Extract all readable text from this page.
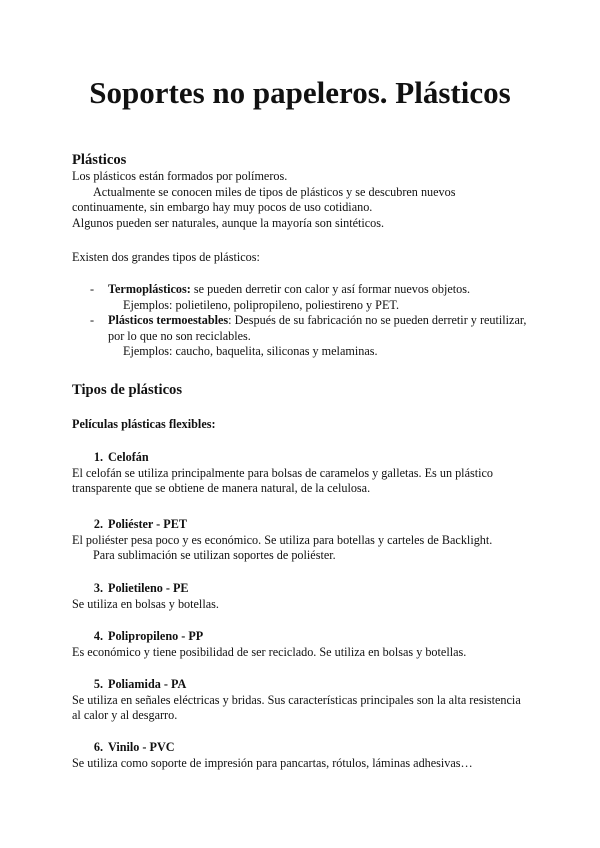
Soportes no papeleros. Plásticos
Plásticos
Los plásticos están formados por polímeros.
Actualmente se conocen miles de tipos de plásticos y se descubren nuevos
continuamente, sin embargo hay muy pocos de uso cotidiano.
Algunos pueden ser naturales, aunque la mayoría son sintéticos.
Existen dos grandes tipos de plásticos:
-	Termoplásticos: se pueden derretir con calor y así formar nuevos objetos.
Ejemplos: polietileno, polipropileno, poliestireno y PET.
-	Plásticos termoestables: Después de su fabricación no se pueden derretir y reutilizar,
por lo que no son reciclables.
Ejemplos: caucho, baquelita, siliconas y melaminas.
Tipos de plásticos
Películas plásticas flexibles:
1. Celofán
El celofán se utiliza principalmente para bolsas de caramelos y galletas. Es un plástico
transparente que se obtiene de manera natural, de la celulosa.
2. Poliéster - PET
El poliéster pesa poco y es económico. Se utiliza para botellas y carteles de Backlight.
Para sublimación se utilizan soportes de poliéster.
3. Polietileno - PE
Se utiliza en bolsas y botellas.
4. Polipropileno - PP
Es económico y tiene posibilidad de ser reciclado. Se utiliza en bolsas y botellas.
5. Poliamida - PA
Se utiliza en señales eléctricas y bridas. Sus características principales son la alta resistencia
al calor y al desgarro.
6. Vinilo - PVC
Se utiliza como soporte de impresión para pancartas, rótulos, láminas adhesivas…
